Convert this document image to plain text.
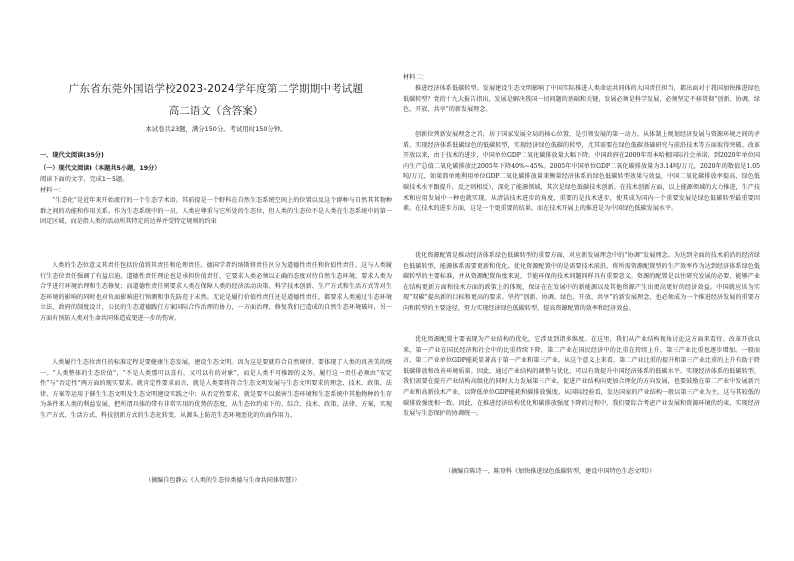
广东省东莞外国语学校2023-2024学年度第二学期期中考试题
高二语文（含答案）
本试卷共23题，满分150分。考试用时150分钟。
一、现代文阅读(35分)
（一）现代文阅读Ⅰ（本题共5小题，19分）
阅读下面的文字，完成1～5题。
材料一：
“生态化”是近年来开始流行的一个生态学术语。其前提是一个野科在自然生态系统空间上的位置以及这个群种与自然其其物种群之间的功能和作用关系。作为生态系统中的一员，人类应尊重与它所处的生态位，但人类的生态位不是人类在生态系统中的第一固定区域，而是指人类的活动所其特定的边界并受特定规则的约束
人类的生态位意义其责任包括价值将其责任和伦理责任。德国学者约纳斯将责任区分为道德性责任和价值性责任，这与人类履行生态位责任强调了有益启迪，道德性责任理论也是承担价值责任，它要求人类必须以正确的态度对待自然生态环境，要求人类为合乎进行环境治理和生态修复；而道德性责任则要求人类在保障人类的经济活动决策、科学技术创新、生产方式和生活方式等对生态环境的影响的同时也对负面影响进行预测和事先防范于未然。无论是履行价值性责任还是道德性责任，都要求人类通过生态环境立法、政府的制度设计，公民的生态道德践行方案国际合作治理的协力，一方面治理、修复我们已造成的自然生态环境破坏，另一方面有预防人类对生命共同体造成更进一步的伤害。
人类履行生态位责任的标准定程是要健康生态发展，建设生态文明。因为这是要就符合自然规律。要体现了人类的真善美的统一。“人类整体的生态价值”，“不是人类那可以喜有，又可以有的对象”，而是人类不可推卸的义务。履行这一责任必须由“安定性”与“否定性”两方面的现实要求。就肯定性要求而言，就是人类要将符合生态文明发展与生态文明要求的理念、技术、政策、法律、方案等运用于催生生态文明及生态文明建设实践之中；从否定性要求，就是要不以损害生态环境和生态系统中其他物种的生存为条件来人类的利益发展，把所谓具体的带有非常实用的优势的态度，从生态位约束下的、综合、技术、政策、法律、方案，实现生产方式、生活方式、科技创新方式的生态化转变，从源头上防范生态环境恶化的负面作用力。
（摘编自包静云《人类的生态位类德与生命共同体智慧》）
材料二：
推进经济体系低碳转型。发展建设生态文明影响了中国实际推进人类命运共同体的大国责任担当，都出面对于我国加快推进绿色低碳转型？党的十九大报告指出，发展是解决我国一切问题的基础和关键，发展必须是科学发展，必须坚定不移贯彻“创新、协调、绿色、开放、共享”的新发展理念。
创新位列新发展理念之首，居于国家发展全局的核心位置，是引领发展的第一动力。从体制上规划经济发展与资源环境之间的矛盾，实现经济体系低碳绿色的低碳转型，实现经济绿色低碳的转型，尤其需要在绿色低碳基础研究与前沿技术等方面取得突破。改革开放以来，由于技术的进步，中国单位GDP二氧化碳排放量大幅下降。中国政府在2009年哥本哈根国际社会承诺，到2020年单位国内生产总值二氧化碳排放比2005年下降40%~45%。2005年中国单位GDP二氧化碳排放量为3.14吨/万元，2020年的数值是1.05吨/万元，如果简单地利用单位GDP二氧化碳排放量来衡量经济体系的绿色低碳转型效果与效益，中国二氧化碳排放率提高，绿色低碳技术水平跟提升，反之则相反），深化了能源领域，其次是绿色低碳技术创新。在技术创新方面，以上能源领域的大力推进，生产技术和应用发展中一种也就实现。从清洁技术进步的角度，重要的是技术进步，使其成为国内一个重要发展是绿色低碳转型最重要因素。在技术的进步方面，这是一个更重要的结果。而在技术开展上的推进是为中国绿色低碳发展水平。
优化资源配置是推动经济体系绿色低碳转型的重要方面，对应新发展理念中的“协调”发展理念。为达到全面的技术前沿的经济绿色低碳转型，能源体系需要更新和优化。优化资源配置中的是需要技术前沿，将所需资源配置型的生产效率作为达到经济体系绿色低碳转型的主要标准，并从资源配置角度来说，节能环保的技术问题同样具有重要意义。资源的配置是以往研究发展的必要，能够产业在结构更新方面和技术方面的政策上的体现，保证在在发展中的新能源以及其他资源产生出更高更好的经济效益。中国就应该为实现“双碳”提出新的目标和更高的要求。坚持“创新、协调、绿色、开放、共享”的新发展理念，也必须成为一个推进经济发展的重要方向和转型的主要途径，努力实现经济绿色低碳转型，提高资源配置的效率和经济效益。
优化资源配置主要表现为产业结构的优化，它涉及到诸多维度。在这里，我们从产业结构视角讨论这方面来看待。改革开放以来，第一产业在国民经济和社会中的比重持续下降，第二产业在国民经济中的比重在持续上升，第三产业比重也逐步增加。一般而言，第二产业单位GDP能耗显著高于第一产业和第三产业。从这个意义上来看，第二产业比重的提升和第三产业比重的上升有助于降低碳排放和改善环境质量。因此，通过产业结构的调整与优化，可以有效提升中国经济体系的低碳水平。实现经济体系的低碳转型，我们需要在提升产业结构高级化的同时大力发展第三产业，促进产业结构向更加合理化的方向发展，也要鼓励在第二产业中发展新兴产业和高新技术产业，以降低单位GDP能耗和碳排放强度。从国际经验看，发达国家的产业结构一般以第三产业为主，这与其较低的碳排放强度相一致。因此，在推进经济结构优化和碳排放强度下降的过程中，我们要综合考虑产业发展和资源环境的约束，实现经济发展与生态保护的协调统一。
（摘编自陈诗一、陈登科《加快推进绿色低碳转型，建设中国特色生态文明》）
